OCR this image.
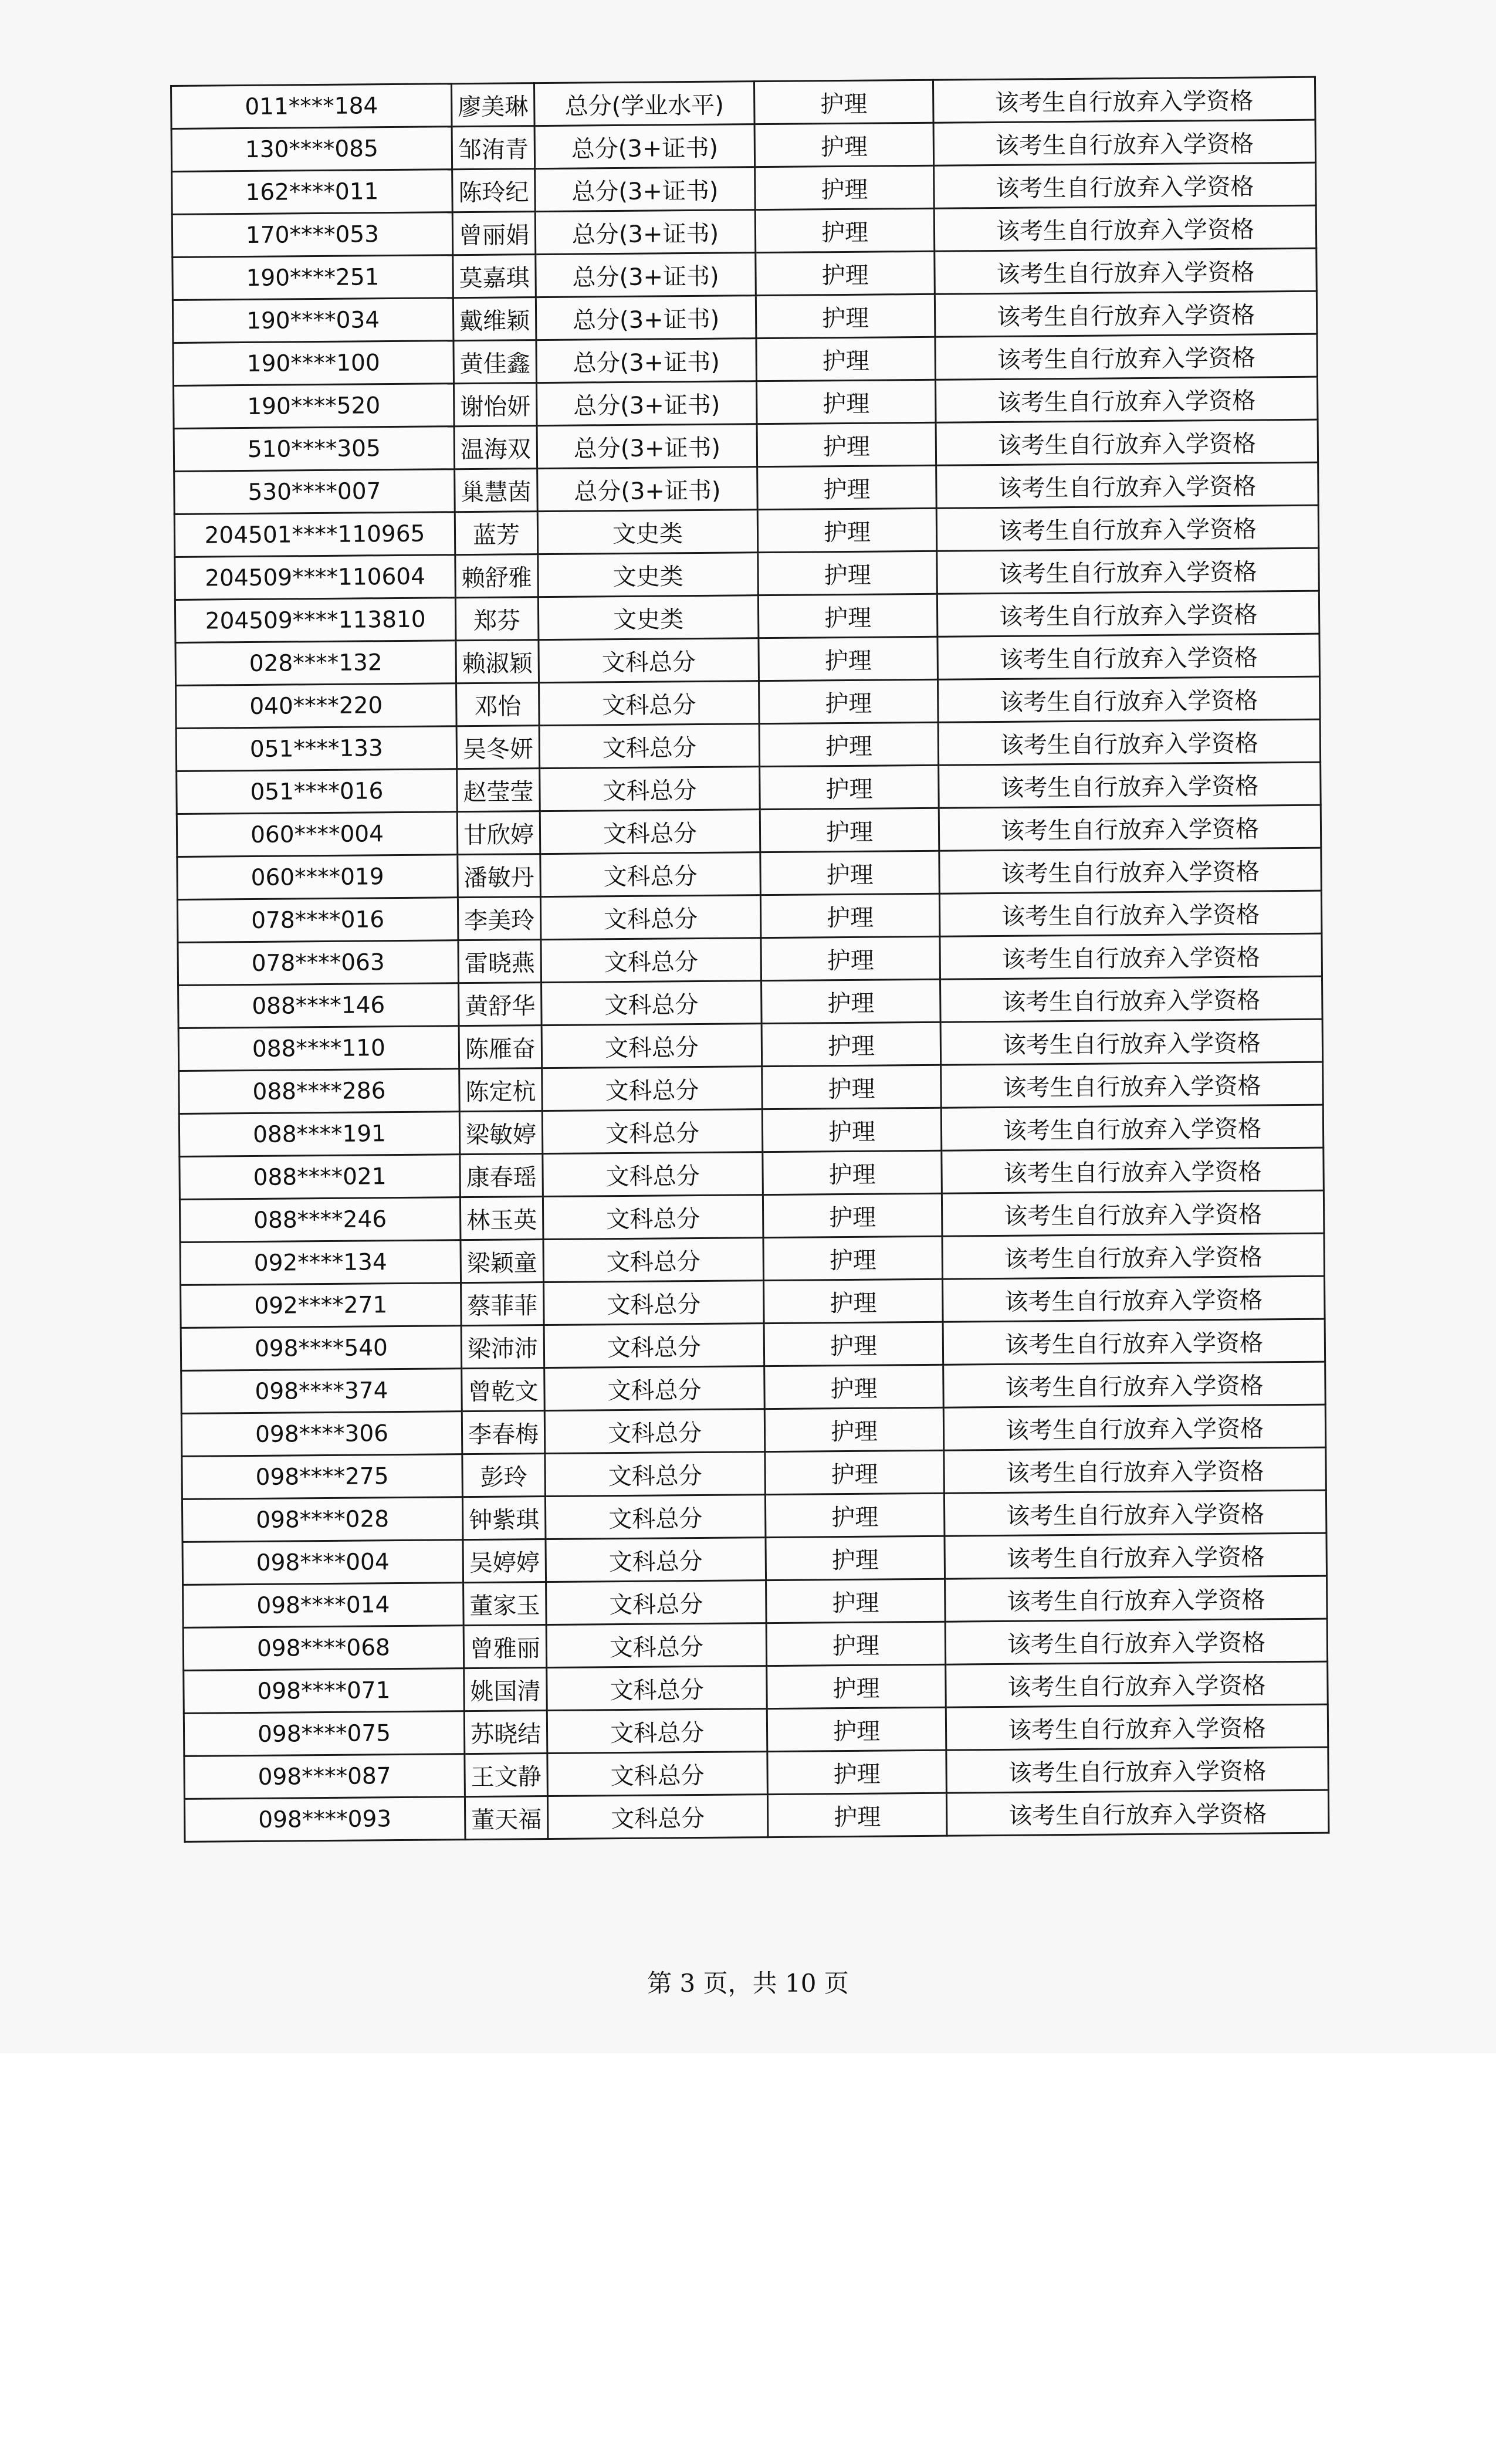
011****184	廖美琳	总分(学业水平)	护理	该考生自行放弃入学资格
130****085	邹洧青	总分(3+证书)	护理	该考生自行放弃入学资格
162****011	陈玲纪	总分(3+证书)	护理	该考生自行放弃入学资格
170****053	曾丽娟	总分(3+证书)	护理	该考生自行放弃入学资格
190****251	莫嘉琪	总分(3+证书)	护理	该考生自行放弃入学资格
190****034	戴维颖	总分(3+证书)	护理	该考生自行放弃入学资格
190****100	黄佳鑫	总分(3+证书)	护理	该考生自行放弃入学资格
190****520	谢怡妍	总分(3+证书)	护理	该考生自行放弃入学资格
510****305	温海双	总分(3+证书)	护理	该考生自行放弃入学资格
530****007	巢慧茵	总分(3+证书)	护理	该考生自行放弃入学资格
204501****110965	蓝芳	文史类	护理	该考生自行放弃入学资格
204509****110604	赖舒雅	文史类	护理	该考生自行放弃入学资格
204509****113810	郑芬	文史类	护理	该考生自行放弃入学资格
028****132	赖淑颖	文科总分	护理	该考生自行放弃入学资格
040****220	邓怡	文科总分	护理	该考生自行放弃入学资格
051****133	吴冬妍	文科总分	护理	该考生自行放弃入学资格
051****016	赵莹莹	文科总分	护理	该考生自行放弃入学资格
060****004	甘欣婷	文科总分	护理	该考生自行放弃入学资格
060****019	潘敏丹	文科总分	护理	该考生自行放弃入学资格
078****016	李美玲	文科总分	护理	该考生自行放弃入学资格
078****063	雷晓燕	文科总分	护理	该考生自行放弃入学资格
088****146	黄舒华	文科总分	护理	该考生自行放弃入学资格
088****110	陈雁奋	文科总分	护理	该考生自行放弃入学资格
088****286	陈定杭	文科总分	护理	该考生自行放弃入学资格
088****191	梁敏婷	文科总分	护理	该考生自行放弃入学资格
088****021	康春瑶	文科总分	护理	该考生自行放弃入学资格
088****246	林玉英	文科总分	护理	该考生自行放弃入学资格
092****134	梁颖童	文科总分	护理	该考生自行放弃入学资格
092****271	蔡菲菲	文科总分	护理	该考生自行放弃入学资格
098****540	梁沛沛	文科总分	护理	该考生自行放弃入学资格
098****374	曾乾文	文科总分	护理	该考生自行放弃入学资格
098****306	李春梅	文科总分	护理	该考生自行放弃入学资格
098****275	彭玲	文科总分	护理	该考生自行放弃入学资格
098****028	钟紫琪	文科总分	护理	该考生自行放弃入学资格
098****004	吴婷婷	文科总分	护理	该考生自行放弃入学资格
098****014	董家玉	文科总分	护理	该考生自行放弃入学资格
098****068	曾雅丽	文科总分	护理	该考生自行放弃入学资格
098****071	姚国清	文科总分	护理	该考生自行放弃入学资格
098****075	苏晓结	文科总分	护理	该考生自行放弃入学资格
098****087	王文静	文科总分	护理	该考生自行放弃入学资格
098****093	董天福	文科总分	护理	该考生自行放弃入学资格
第 3 页，共 10 页
